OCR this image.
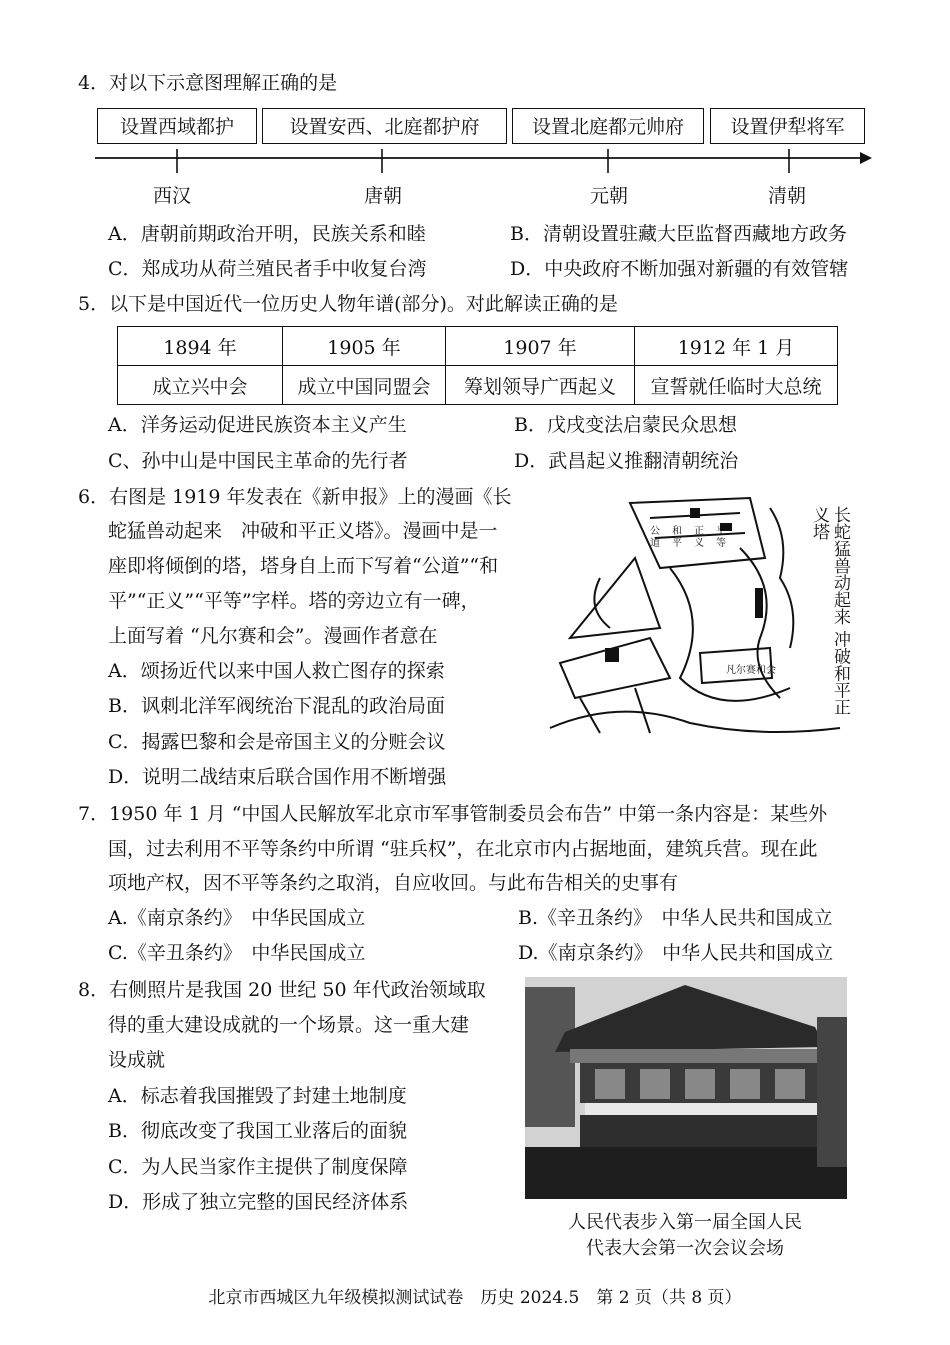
4．对以下示意图理解正确的是
设置西域都护	设置安西、北庭都护府	设置北庭都元帅府	设置伊犁将军
西汉	唐朝	元朝	清朝
A．唐朝前期政治开明，民族关系和睦	B．清朝设置驻藏大臣监督西藏地方政务
C．郑成功从荷兰殖民者手中收复台湾	D．中央政府不断加强对新疆的有效管辖
5．以下是中国近代一位历史人物年谱(部分)。对此解读正确的是
1894 年	1905 年	1907 年	1912 年 1 月
成立兴中会	成立中国同盟会	筹划领导广西起义	宣誓就任临时大总统
A．洋务运动促进民族资本主义产生	B．戊戌变法启蒙民众思想
C、孙中山是中国民主革命的先行者	D．武昌起义推翻清朝统治
6．右图是 1919 年发表在《新申报》上的漫画《长
蛇猛兽动起来　冲破和平正义塔》。漫画中是一
座即将倾倒的塔，塔身自上而下写着“公道”“和
平”“正义”“平等”字样。塔的旁边立有一碑，
上面写着 “凡尔赛和会”。漫画作者意在
A．颂扬近代以来中国人救亡图存的探索
B．讽刺北洋军阀统治下混乱的政治局面
C．揭露巴黎和会是帝国主义的分赃会议
D．说明二战结束后联合国作用不断增强
凡尔赛和会
公道
和平
正义
平等	长蛇猛兽动起来 冲破和平正义塔
7．1950 年 1 月 “中国人民解放军北京市军事管制委员会布告” 中第一条内容是：某些外
国，过去利用不平等条约中所谓 “驻兵权”，在北京市内占据地面，建筑兵营。现在此
项地产权，因不平等条约之取消，自应收回。与此布告相关的史事有
A.《南京条约》　中华民国成立	B.《辛丑条约》　中华人民共和国成立
C.《辛丑条约》　中华民国成立	D.《南京条约》　中华人民共和国成立
8．右侧照片是我国 20 世纪 50 年代政治领域取
得的重大建设成就的一个场景。这一重大建
设成就
A．标志着我国摧毁了封建土地制度
B．彻底改变了我国工业落后的面貌
C．为人民当家作主提供了制度保障
D．形成了独立完整的国民经济体系
人民代表步入第一届全国人民
代表大会第一次会议会场
北京市西城区九年级模拟测试试卷　历史 2024.5　第 2 页（共 8 页）
